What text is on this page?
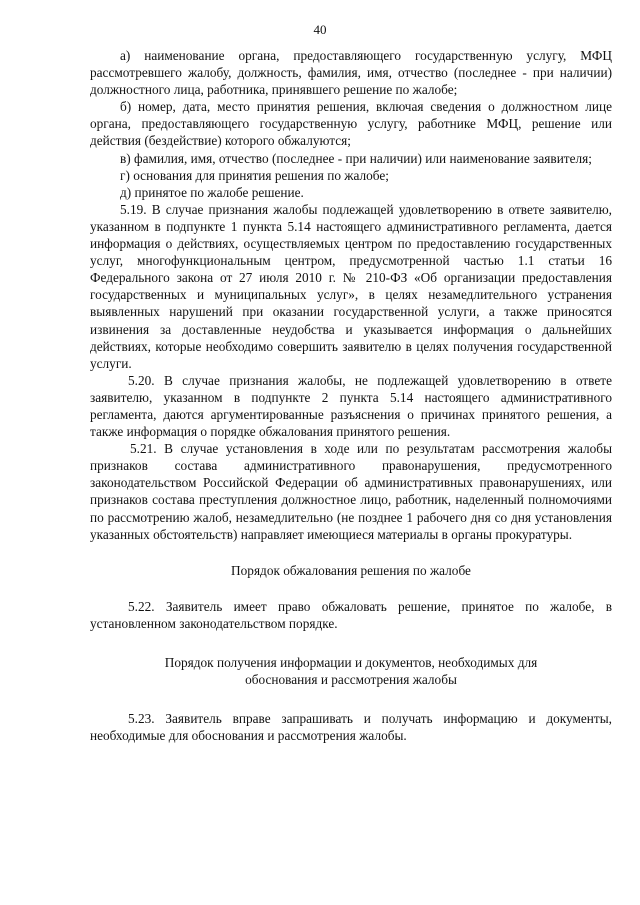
40

а) наименование органа, предоставляющего государственную услугу, МФЦ рассмотревшего жалобу, должность, фамилия, имя, отчество (последнее - при наличии) должностного лица, работника, принявшего решение по жалобе;

б) номер, дата, место принятия решения, включая сведения о должностном лице органа, предоставляющего государственную услугу, работнике МФЦ, решение или действия (бездействие) которого обжалуются;

в) фамилия, имя, отчество (последнее - при наличии) или наименование заявителя;

г) основания для принятия решения по жалобе;

д) принятое по жалобе решение.

5.19. В случае признания жалобы подлежащей удовлетворению в ответе заявителю, указанном в подпункте 1 пункта 5.14 настоящего административного регламента, дается информация о действиях, осуществляемых центром по предоставлению государственных услуг, многофункциональным центром, предусмотренной частью 1.1 статьи 16 Федерального закона от 27 июля 2010 г. № 210-ФЗ «Об организации предоставления государственных и муниципальных услуг», в целях незамедлительного устранения выявленных нарушений при оказании государственной услуги, а также приносятся извинения за доставленные неудобства и указывается информация о дальнейших действиях, которые необходимо совершить заявителю в целях получения государственной услуги.

5.20. В случае признания жалобы, не подлежащей удовлетворению в ответе заявителю, указанном в подпункте 2 пункта 5.14 настоящего административного регламента, даются аргументированные разъяснения о причинах принятого решения, а также информация о порядке обжалования принятого решения.

5.21. В случае установления в ходе или по результатам рассмотрения жалобы признаков состава административного правонарушения, предусмотренного законодательством Российской Федерации об административных правонарушениях, или признаков состава преступления должностное лицо, работник, наделенный полномочиями по рассмотрению жалоб, незамедлительно (не позднее 1 рабочего дня со дня установления указанных обстоятельств) направляет имеющиеся материалы в органы прокуратуры.

Порядок обжалования решения по жалобе

5.22. Заявитель имеет право обжаловать решение, принятое по жалобе, в установленном законодательством порядке.

Порядок получения информации и документов, необходимых для

обоснования и рассмотрения жалобы

5.23. Заявитель вправе запрашивать и получать информацию и документы, необходимые для обоснования и рассмотрения жалобы.
